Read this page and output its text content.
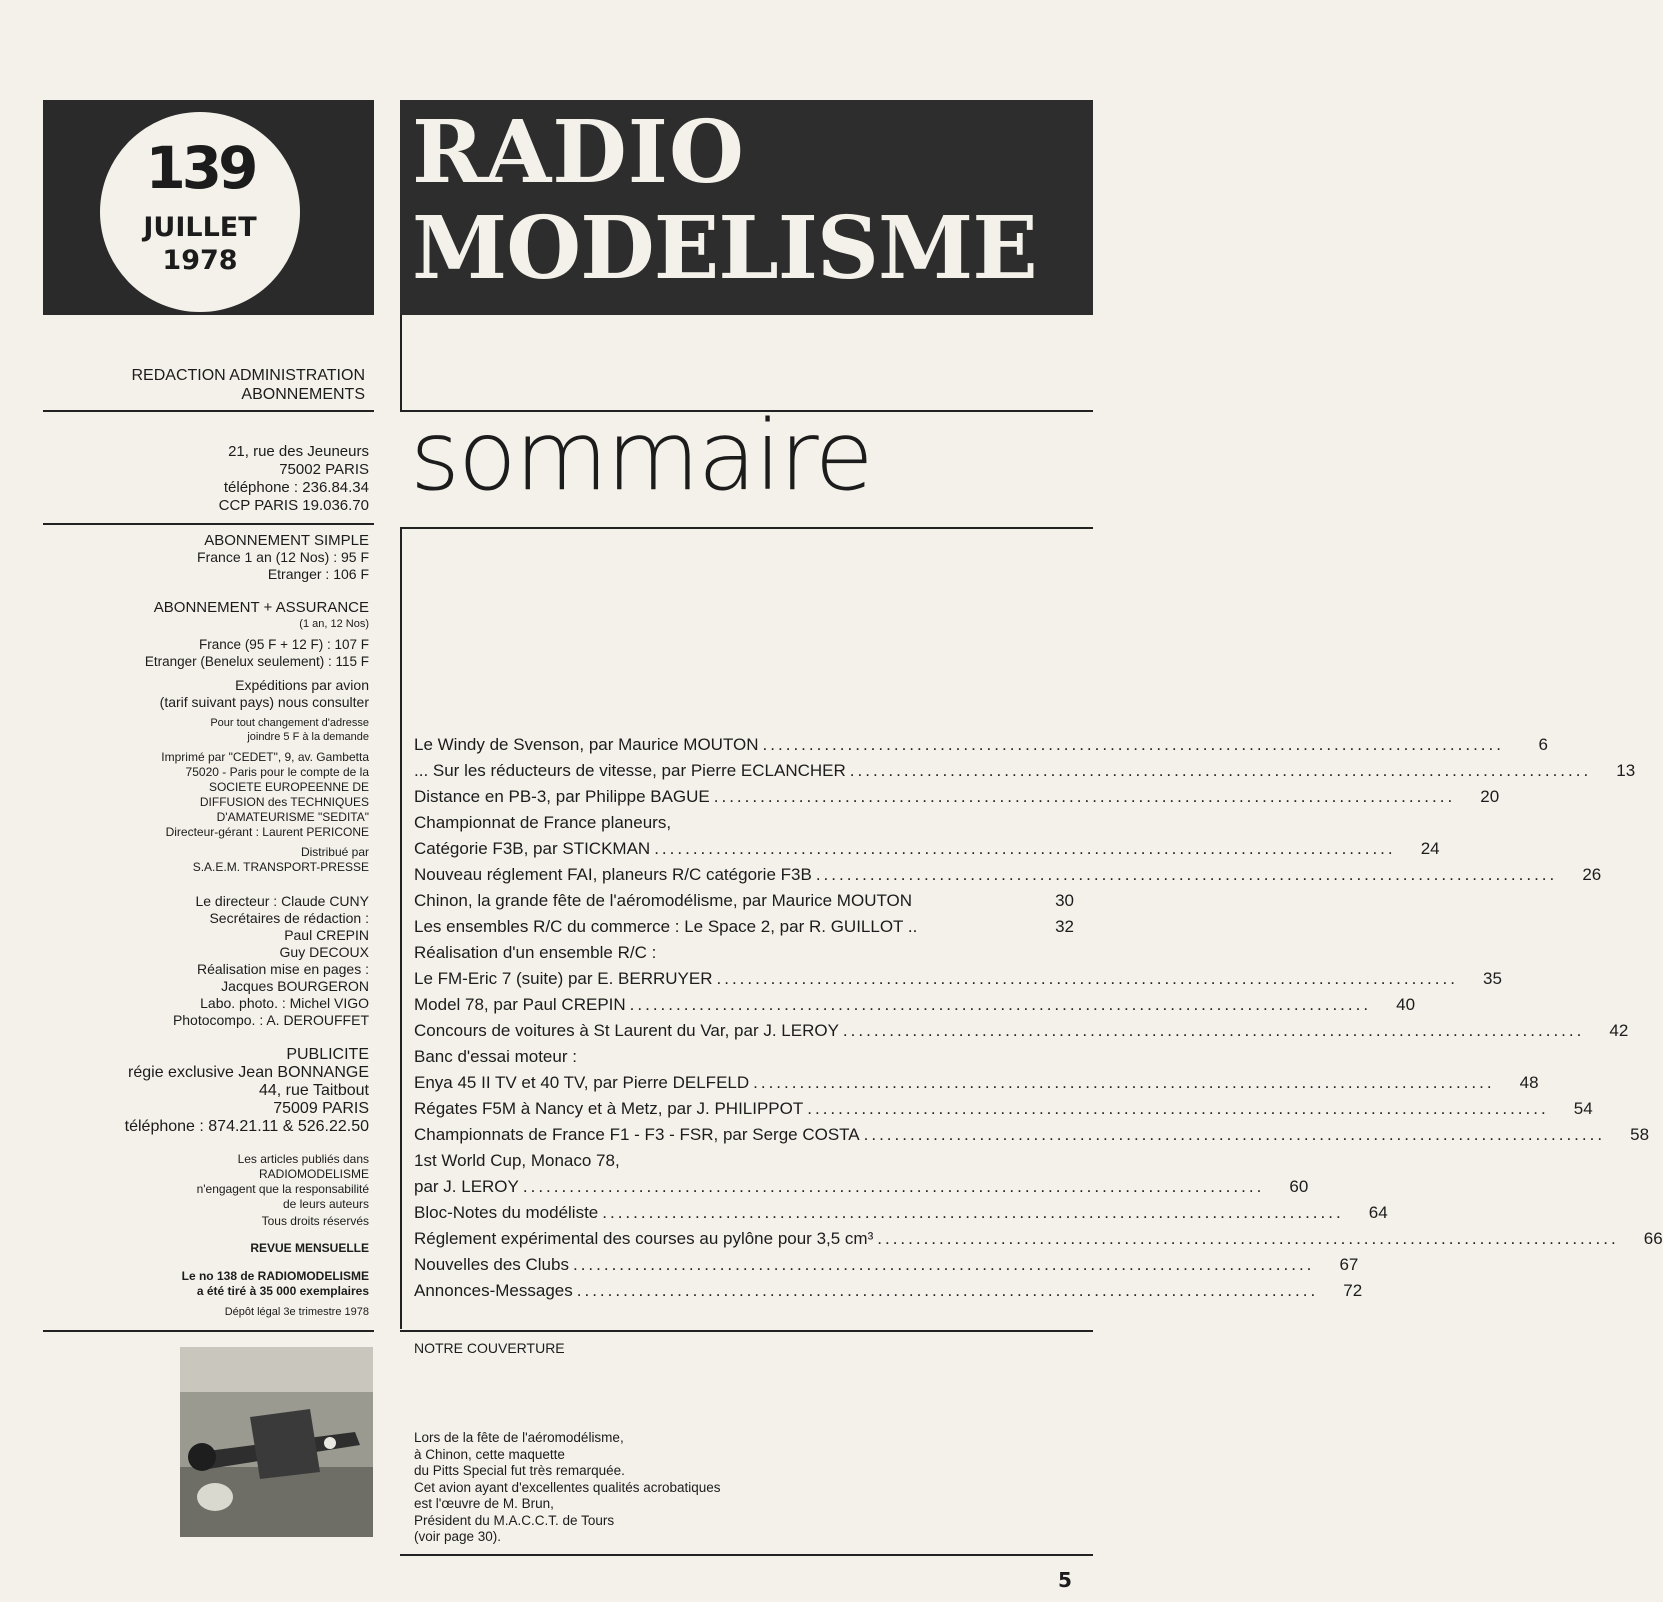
139
JUILLET
1978
RADIO
MODELISME
REDACTION ADMINISTRATION
ABONNEMENTS
21, rue des Jeuneurs
75002 PARIS
téléphone : 236.84.34
CCP PARIS 19.036.70
ABONNEMENT SIMPLE
France 1 an (12 Nos) : 95 F
Etranger : 106 F
ABONNEMENT + ASSURANCE
(1 an, 12 Nos)
France (95 F + 12 F) : 107 F
Etranger (Benelux seulement) : 115 F
Expéditions par avion
(tarif suivant pays) nous consulter
Pour tout changement d'adresse
joindre 5 F à la demande
Imprimé par "CEDET", 9, av. Gambetta
75020 - Paris pour le compte de la
SOCIETE EUROPEENNE DE
DIFFUSION des TECHNIQUES
D'AMATEURISME "SEDITA"
Directeur-gérant : Laurent PERICONE
Distribué par
S.A.E.M. TRANSPORT-PRESSE
Le directeur : Claude CUNY
Secrétaires de rédaction :
Paul CREPIN
Guy DECOUX
Réalisation mise en pages :
Jacques BOURGERON
Labo. photo. : Michel VIGO
Photocompo. : A. DEROUFFET
PUBLICITE
régie exclusive Jean BONNANGE
44, rue Taitbout
75009 PARIS
téléphone : 874.21.11 & 526.22.50
Les articles publiés dans
RADIOMODELISME
n'engagent que la responsabilité
de leurs auteurs
Tous droits réservés
REVUE MENSUELLE
Le no 138 de RADIOMODELISME
a été tiré à 35 000 exemplaires
Dépôt légal 3e trimestre 1978
sommaire
Le Windy de Svenson, par Maurice MOUTON ................................................................................................	6
... Sur les réducteurs de vitesse, par Pierre ECLANCHER ................................................................................................	13
Distance en PB-3, par Philippe BAGUE ................................................................................................	20
Championnat de France planeurs,
Catégorie F3B, par STICKMAN ................................................................................................	24
Nouveau réglement FAI, planeurs R/C catégorie F3B ................................................................................................	26
Chinon, la grande fête de l'aéromodélisme, par Maurice MOUTON	30
Les ensembles R/C du commerce : Le Space 2, par R. GUILLOT ..	32
Réalisation d'un ensemble R/C :
Le FM-Eric 7 (suite) par E. BERRUYER ................................................................................................	35
Model 78, par Paul CREPIN ................................................................................................	40
Concours de voitures à St Laurent du Var, par J. LEROY ................................................................................................	42
Banc d'essai moteur :
Enya 45 II TV et 40 TV, par Pierre DELFELD ................................................................................................	48
Régates F5M à Nancy et à Metz, par J. PHILIPPOT ................................................................................................	54
Championnats de France F1 - F3 - FSR, par Serge COSTA ................................................................................................	58
1st World Cup, Monaco 78,
par J. LEROY ................................................................................................	60
Bloc-Notes du modéliste ................................................................................................	64
Réglement expérimental des courses au pylône pour 3,5 cm³ ................................................................................................	66
Nouvelles des Clubs ................................................................................................	67
Annonces-Messages ................................................................................................	72
NOTRE COUVERTURE
Lors de la fête de l'aéromodélisme,
à Chinon, cette maquette
du Pitts Special fut très remarquée.
Cet avion ayant d'excellentes qualités acrobatiques
est l'œuvre de M. Brun,
Président du M.A.C.C.T. de Tours
(voir page 30).
5
